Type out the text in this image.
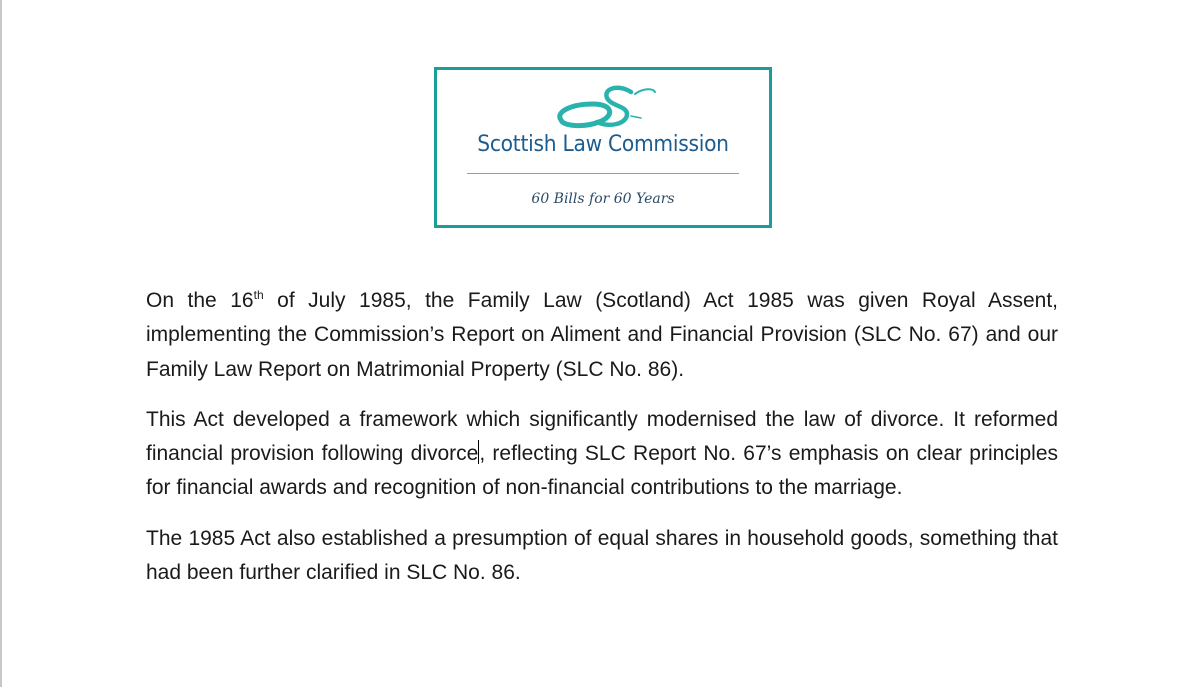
Scottish Law Commission
60 Bills for 60 Years

On the 16th of July 1985, the Family Law (Scotland) Act 1985 was given Royal Assent, implementing the Commission’s Report on Aliment and Financial Provision (SLC No. 67) and our Family Law Report on Matrimonial Property (SLC No. 86).

This Act developed a framework which significantly modernised the law of divorce. It reformed financial provision following divorce, reflecting SLC Report No. 67’s emphasis on clear principles for financial awards and recognition of non-financial contributions to the marriage.

The 1985 Act also established a presumption of equal shares in household goods, something that had been further clarified in SLC No. 86.
